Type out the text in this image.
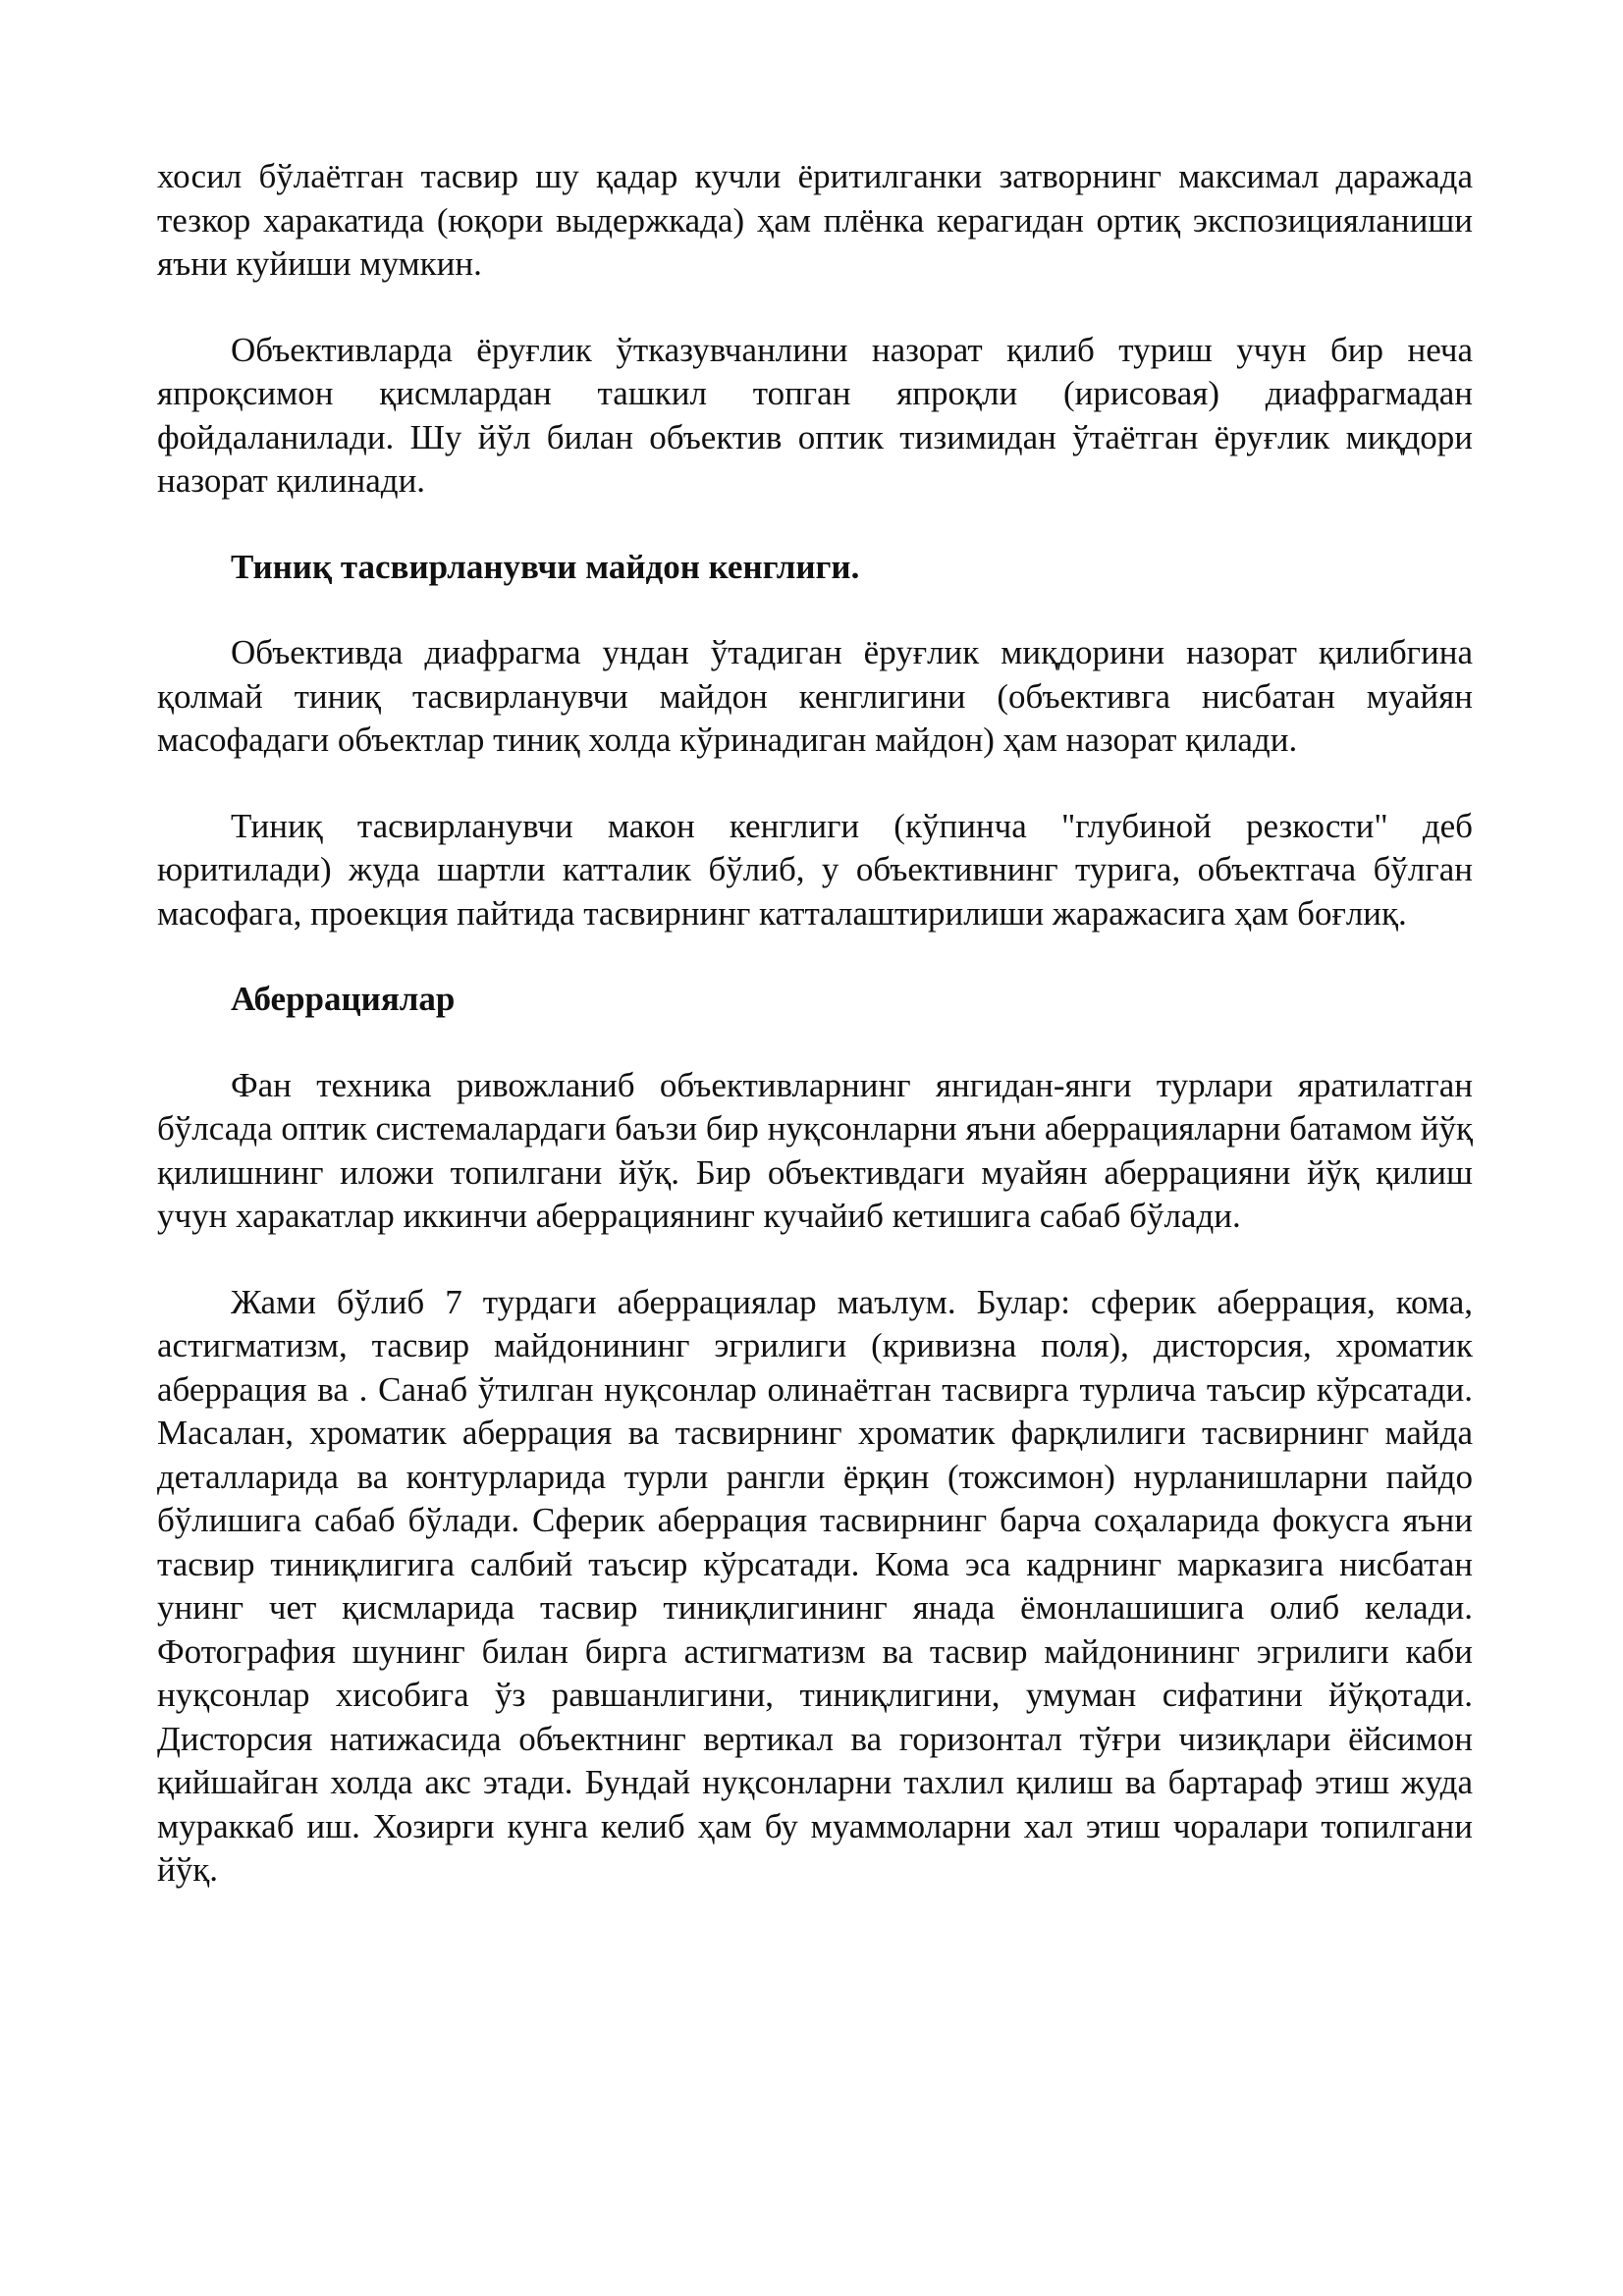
хосил бўлаётган тасвир шу қадар кучли ёритилганки затворнинг максимал даражада тезкор харакатида (юқори выдержкада) ҳам плёнка керагидан ортиқ экспозицияланиши яъни куйиши мумкин.

Объективларда ёруғлик ўтказувчанлини назорат қилиб туриш учун бир неча япроқсимон қисмлардан ташкил топган япроқли (ирисовая) диафрагмадан фойдаланилади. Шу йўл билан объектив оптик тизимидан ўтаётган ёруғлик миқдори назорат қилинади.

Тиниқ тасвирланувчи майдон кенглиги.

Объективда диафрагма ундан ўтадиган ёруғлик миқдорини назорат қилибгина қолмай тиниқ тасвирланувчи майдон кенглигини (объективга нисбатан муайян масофадаги объектлар тиниқ холда кўринадиган майдон) ҳам назорат қилади.

Тиниқ тасвирланувчи макон кенглиги (кўпинча "глубиной резкости" деб юритилади) жуда шартли катталик бўлиб, у объективнинг турига, объектгача бўлган масофага, проекция пайтида тасвирнинг катталаштирилиши жаражасига ҳам боғлиқ.

Аберрациялар

Фан техника ривожланиб объективларнинг янгидан-янги турлари яратилатган бўлсада оптик системалардаги баъзи бир нуқсонларни яъни аберрацияларни батамом йўқ қилишнинг иложи топилгани йўқ. Бир объективдаги муайян аберрацияни йўқ қилиш учун харакатлар иккинчи аберрациянинг кучайиб кетишига сабаб бўлади.

Жами бўлиб 7 турдаги аберрациялар маълум. Булар: сферик аберрация, кома, астигматизм, тасвир майдонининг эгрилиги (кривизна поля), дисторсия, хроматик аберрация ва . Санаб ўтилган нуқсонлар олинаётган тасвирга турлича таъсир кўрсатади. Масалан, хроматик аберрация ва тасвирнинг хроматик фарқлилиги тасвирнинг майда деталларида ва контурларида турли рангли ёрқин (тожсимон) нурланишларни пайдо бўлишига сабаб бўлади. Сферик аберрация тасвирнинг барча соҳаларида фокусга яъни тасвир тиниқлигига салбий таъсир кўрсатади. Кома эса кадрнинг марказига нисбатан унинг чет қисмларида тасвир тиниқлигининг янада ёмонлашишига олиб келади. Фотография шунинг билан бирга астигматизм ва тасвир майдонининг эгрилиги каби нуқсонлар хисобига ўз равшанлигини, тиниқлигини, умуман сифатини йўқотади. Дисторсия натижасида объектнинг вертикал ва горизонтал тўғри чизиқлари ёйсимон қийшайган холда акс этади. Бундай нуқсонларни тахлил қилиш ва бартараф этиш жуда мураккаб иш. Хозирги кунга келиб ҳам бу муаммоларни хал этиш чоралари топилгани йўқ.
